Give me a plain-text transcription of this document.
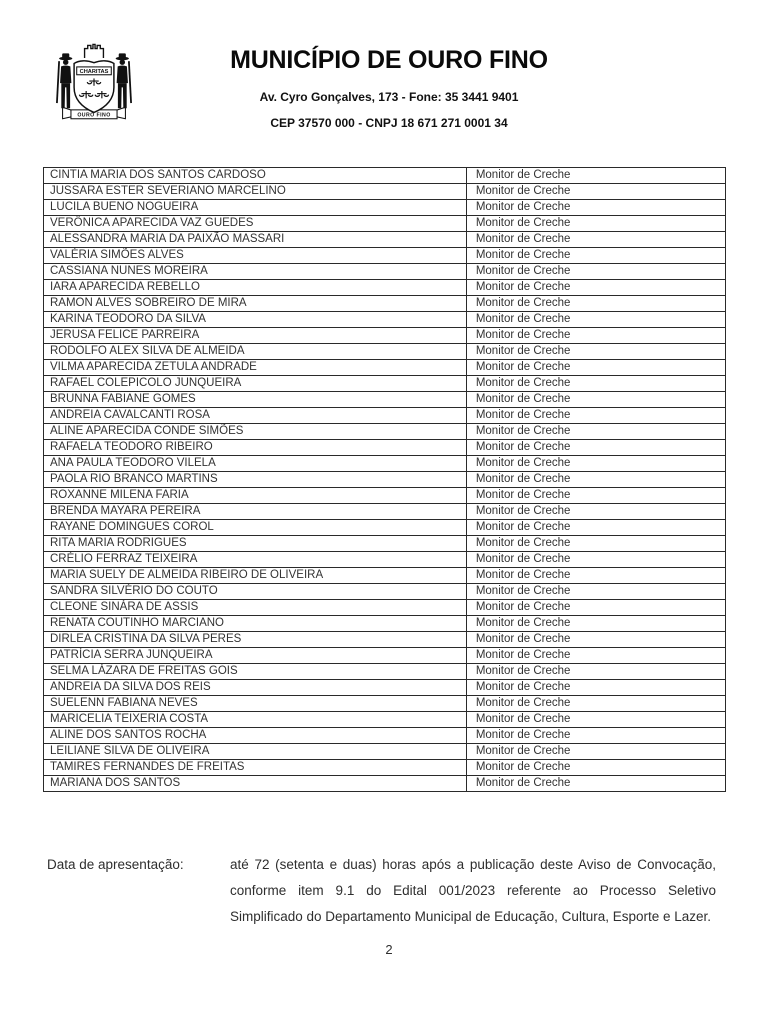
CHARITAS
OURO FINO
MUNICÍPIO DE OURO FINO

Av. Cyro Gonçalves, 173 - Fone: 35 3441 9401

CEP 37570 000 - CNPJ 18 671 271 0001 34

CINTIA MARIA DOS SANTOS CARDOSO	Monitor de Creche
JUSSARA ESTER SEVERIANO MARCELINO	Monitor de Creche
LUCILA BUENO NOGUEIRA	Monitor de Creche
VERÔNICA APARECIDA VAZ GUEDES	Monitor de Creche
ALESSANDRA MARIA DA PAIXÃO MASSARI	Monitor de Creche
VALÉRIA SIMÕES ALVES	Monitor de Creche
CASSIANA NUNES MOREIRA	Monitor de Creche
IARA APARECIDA REBELLO	Monitor de Creche
RAMON ALVES SOBREIRO DE MIRA	Monitor de Creche
KARINA TEODORO DA SILVA	Monitor de Creche
JERUSA FELICE PARREIRA	Monitor de Creche
RODOLFO ALEX SILVA DE ALMEIDA	Monitor de Creche
VILMA APARECIDA ZETULA ANDRADE	Monitor de Creche
RAFAEL COLEPICOLO JUNQUEIRA	Monitor de Creche
BRUNNA FABIANE GOMES	Monitor de Creche
ANDREIA CAVALCANTI ROSA	Monitor de Creche
ALINE APARECIDA CONDE SIMÕES	Monitor de Creche
RAFAELA TEODORO RIBEIRO	Monitor de Creche
ANA PAULA TEODORO VILELA	Monitor de Creche
PAOLA RIO BRANCO MARTINS	Monitor de Creche
ROXANNE MILENA FARIA	Monitor de Creche
BRENDA MAYARA PEREIRA	Monitor de Creche
RAYANE DOMINGUES COROL	Monitor de Creche
RITA MARIA RODRIGUES	Monitor de Creche
CRÉLIO FERRAZ TEIXEIRA	Monitor de Creche
MARIA SUELY DE ALMEIDA RIBEIRO DE OLIVEIRA	Monitor de Creche
SANDRA SILVÉRIO DO COUTO	Monitor de Creche
CLEONE SINÁRA DE ASSIS	Monitor de Creche
RENATA COUTINHO MARCIANO	Monitor de Creche
DIRLEA CRISTINA DA SILVA PERES	Monitor de Creche
PATRÍCIA SERRA JUNQUEIRA	Monitor de Creche
SELMA LÁZARA DE FREITAS GOIS	Monitor de Creche
ANDREIA DA SILVA DOS REIS	Monitor de Creche
SUELENN FABIANA NEVES	Monitor de Creche
MARICELIA TEIXERIA COSTA	Monitor de Creche
ALINE DOS SANTOS ROCHA	Monitor de Creche
LEILIANE SILVA DE OLIVEIRA	Monitor de Creche
TAMIRES FERNANDES DE FREITAS	Monitor de Creche
MARIANA DOS SANTOS	Monitor de Creche
Data de apresentação:	até 72 (setenta e duas) horas após a publicação deste Aviso de Convocação, conforme item 9.1 do Edital 001/2023 referente ao Processo Seletivo Simplificado do Departamento Municipal de Educação, Cultura, Esporte e Lazer.

2
